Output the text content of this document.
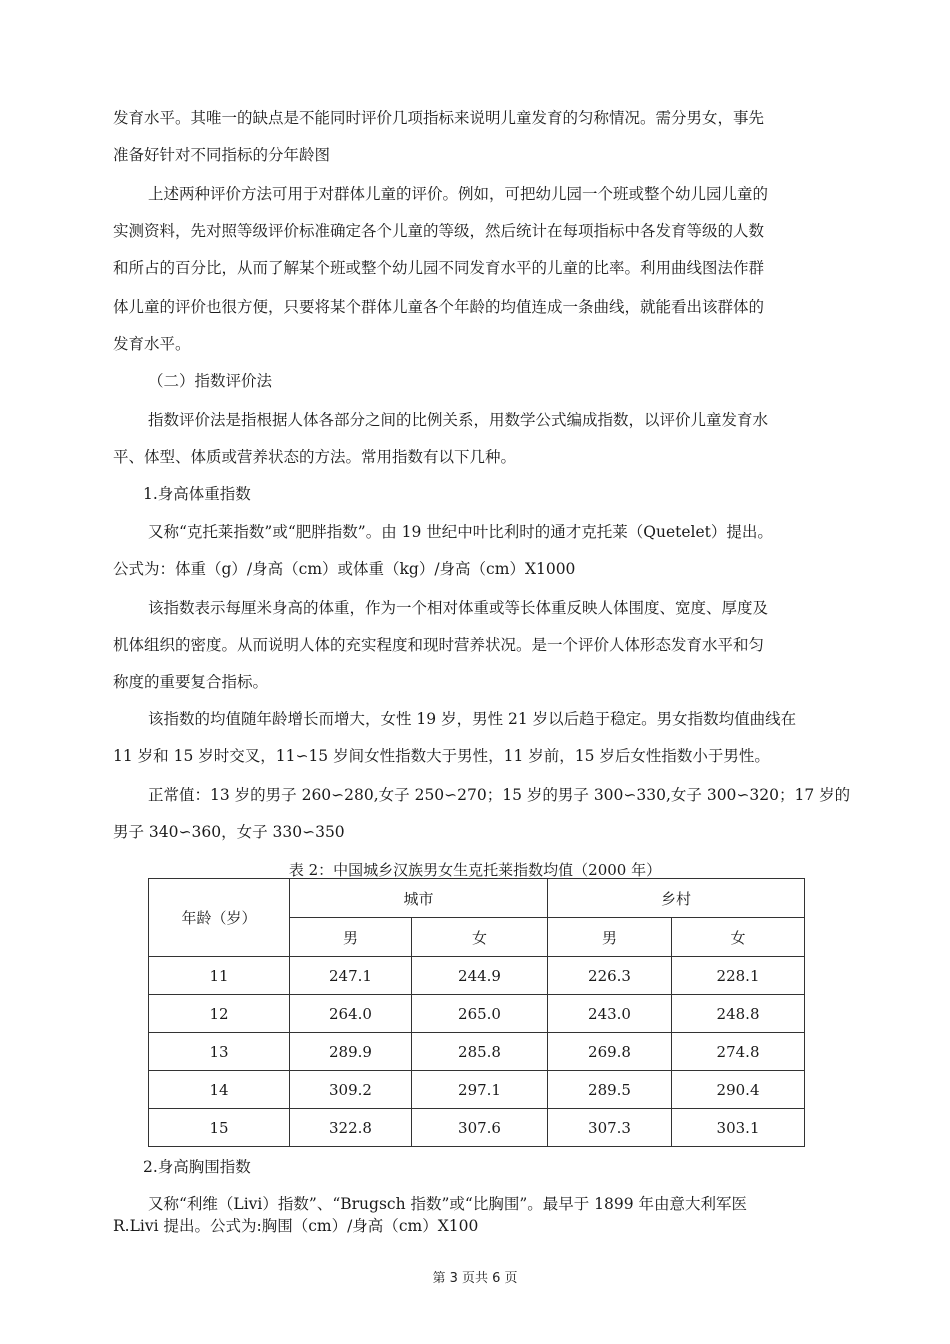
发育水平。其唯一的缺点是不能同时评价几项指标来说明儿童发育的匀称情况。需分男女，事先
准备好针对不同指标的分年龄图
上述两种评价方法可用于对群体儿童的评价。例如，可把幼儿园一个班或整个幼儿园儿童的
实测资料，先对照等级评价标准确定各个儿童的等级，然后统计在每项指标中各发育等级的人数
和所占的百分比，从而了解某个班或整个幼儿园不同发育水平的儿童的比率。利用曲线图法作群
体儿童的评价也很方便，只要将某个群体儿童各个年龄的均值连成一条曲线，就能看出该群体的
发育水平。
（二）指数评价法
指数评价法是指根据人体各部分之间的比例关系，用数学公式编成指数，以评价儿童发育水
平、体型、体质或营养状态的方法。常用指数有以下几种。
1.身高体重指数
又称“克托莱指数”或“肥胖指数”。由 19 世纪中叶比利时的通才克托莱（Quetelet）提出。
公式为：体重（g）/身高（cm）或体重（kg）/身高（cm）X1000
该指数表示每厘米身高的体重，作为一个相对体重或等长体重反映人体围度、宽度、厚度及
机体组织的密度。从而说明人体的充实程度和现时营养状况。是一个评价人体形态发育水平和匀
称度的重要复合指标。
该指数的均值随年龄增长而增大，女性 19 岁，男性 21 岁以后趋于稳定。男女指数均值曲线在
11 岁和 15 岁时交叉，11∽15 岁间女性指数大于男性，11 岁前，15 岁后女性指数小于男性。
正常值：13 岁的男子 260∽280,女子 250∽270；15 岁的男子 300∽330,女子 300∽320；17 岁的
男子 340∽360，女子 330∽350
表 2：中国城乡汉族男女生克托莱指数均值（2000 年）
年龄（岁）	城市		乡村	
	男	女	男	女
11	247.1	244.9	226.3	228.1
12	264.0	265.0	243.0	248.8
13	289.9	285.8	269.8	274.8
14	309.2	297.1	289.5	290.4
15	322.8	307.6	307.3	303.1
2.身高胸围指数
又称“利维（Livi）指数”、“Brugsch 指数”或“比胸围”。最早于 1899 年由意大利军医
R.Livi 提出。公式为:胸围（cm）/身高（cm）X100
第 3 页共 6 页
